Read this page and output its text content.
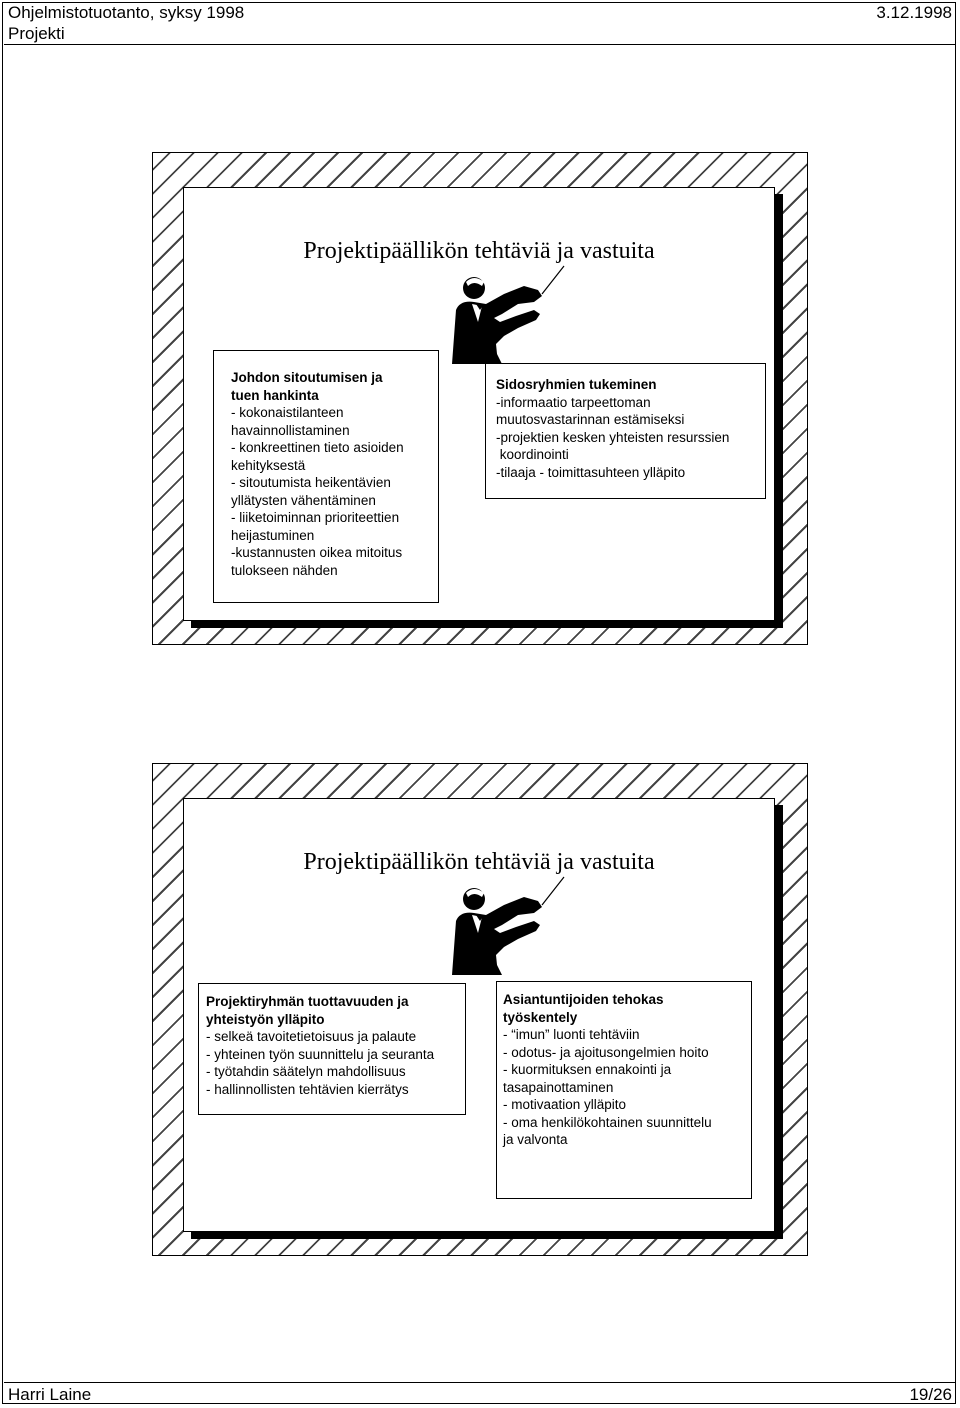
Ohjelmistotuotanto, syksy 1998
Projekti
3.12.1998
Projektipäällikön tehtäviä ja vastuita
Johdon sitoutumisen ja
tuen hankinta
- kokonaistilanteen
havainnollistaminen
- konkreettinen tieto asioiden
kehityksestä
- sitoutumista heikentävien
yllätysten vähentäminen
- liiketoiminnan prioriteettien
heijastuminen
-kustannusten oikea mitoitus
tulokseen nähden
Sidosryhmien tukeminen
-informaatio tarpeettoman
muutosvastarinnan estämiseksi
-projektien kesken yhteisten resurssien
koordinointi
-tilaaja - toimittasuhteen ylläpito
Projektipäällikön tehtäviä ja vastuita
Projektiryhmän tuottavuuden ja
yhteistyön ylläpito
- selkeä tavoitetietoisuus ja palaute
- yhteinen työn suunnittelu ja seuranta
- työtahdin säätelyn mahdollisuus
- hallinnollisten tehtävien kierrätys
Asiantuntijoiden tehokas
työskentely
- “imun” luonti tehtäviin
- odotus- ja ajoitusongelmien hoito
- kuormituksen ennakointi ja
tasapainottaminen
- motivaation ylläpito
- oma henkilökohtainen suunnittelu
ja valvonta
Harri Laine	19/26
